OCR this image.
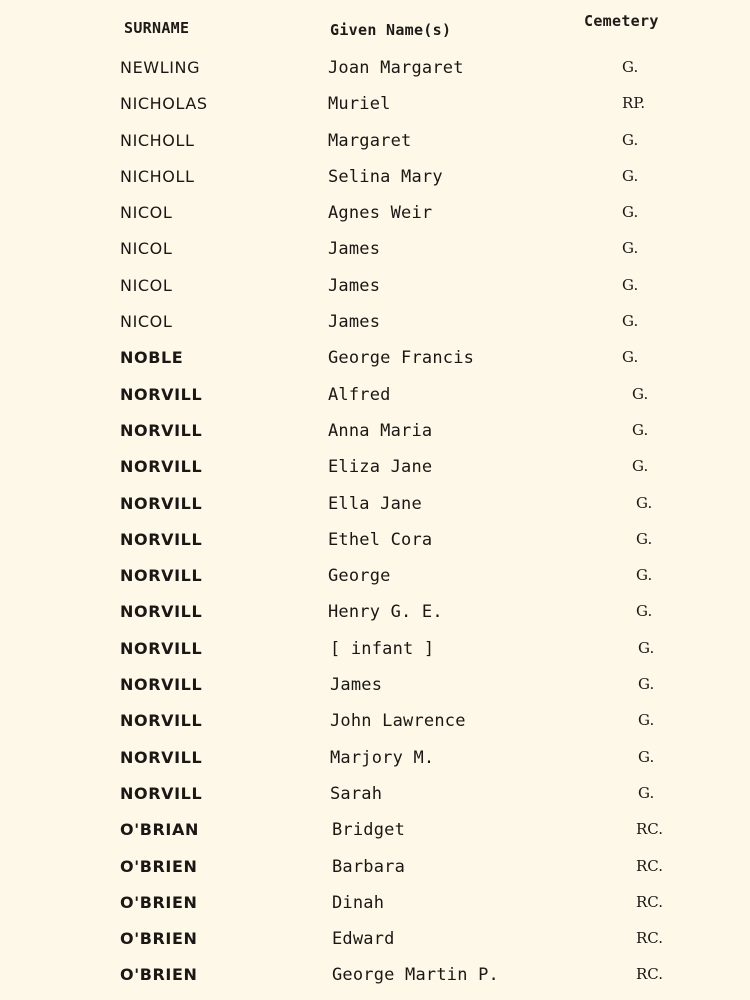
SURNAME	Given Name(s)	Cemetery
NEWLING	Joan Margaret	G.
NICHOLAS	Muriel	RP.
NICHOLL	Margaret	G.
NICHOLL	Selina Mary	G.
NICOL	Agnes Weir	G.
NICOL	James	G.
NICOL	James	G.
NICOL	James	G.
NOBLE	George Francis	G.
NORVILL	Alfred	G.
NORVILL	Anna Maria	G.
NORVILL	Eliza Jane	G.
NORVILL	Ella Jane	G.
NORVILL	Ethel Cora	G.
NORVILL	George	G.
NORVILL	Henry G. E.	G.
NORVILL	[ infant ]	G.
NORVILL	James	G.
NORVILL	John Lawrence	G.
NORVILL	Marjory M.	G.
NORVILL	Sarah	G.
O'BRIAN	Bridget	RC.
O'BRIEN	Barbara	RC.
O'BRIEN	Dinah	RC.
O'BRIEN	Edward	RC.
O'BRIEN	George Martin P.	RC.
